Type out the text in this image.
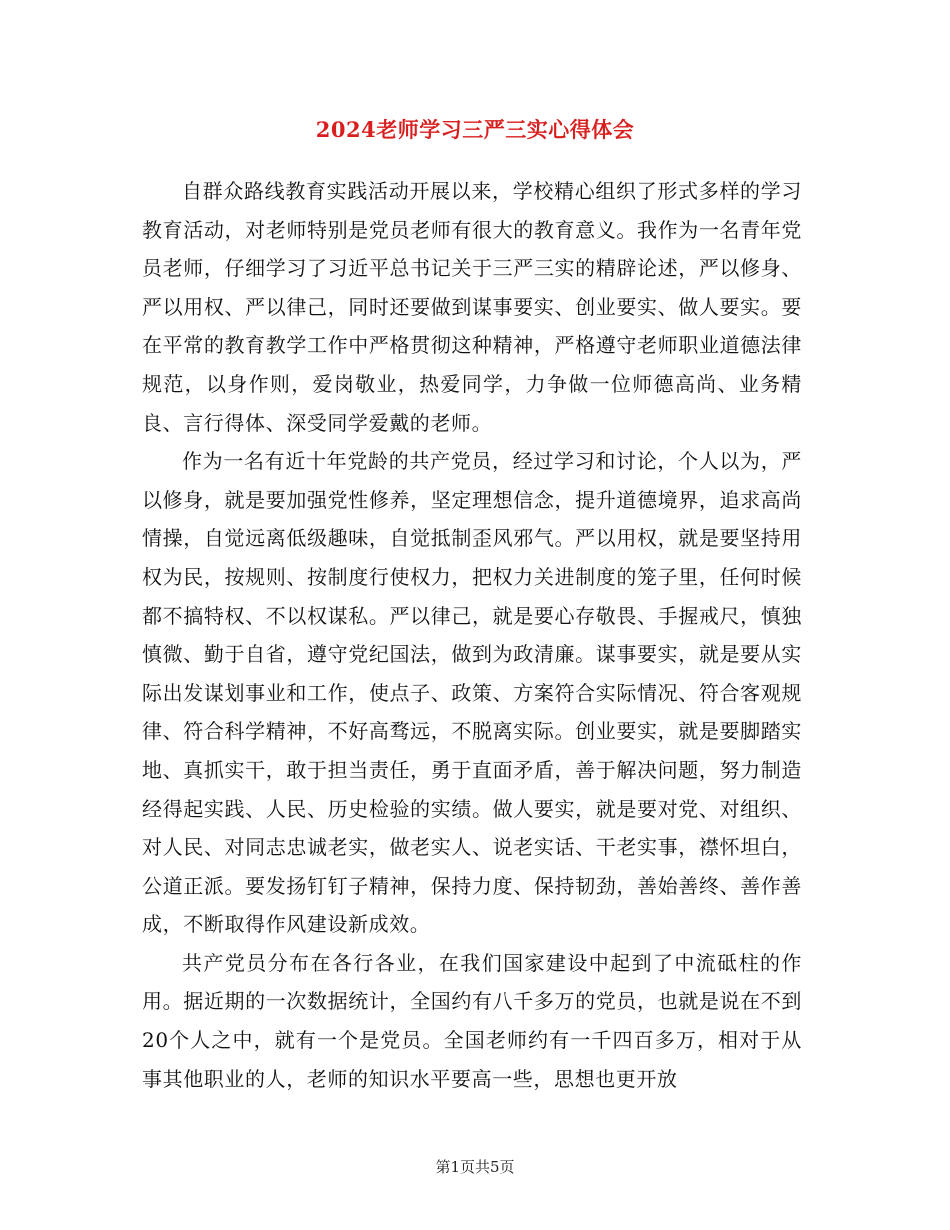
2024老师学习三严三实心得体会

自群众路线教育实践活动开展以来，学校精心组织了形式多样的学习教育活动，对老师特别是党员老师有很大的教育意义。我作为一名青年党员老师，仔细学习了习近平总书记关于三严三实的精辟论述，严以修身、严以用权、严以律己，同时还要做到谋事要实、创业要实、做人要实。要在平常的教育教学工作中严格贯彻这种精神，严格遵守老师职业道德法律规范，以身作则，爱岗敬业，热爱同学，力争做一位师德高尚、业务精良、言行得体、深受同学爱戴的老师。

作为一名有近十年党龄的共产党员，经过学习和讨论，个人以为，严以修身，就是要加强党性修养，坚定理想信念，提升道德境界，追求高尚情操，自觉远离低级趣味，自觉抵制歪风邪气。严以用权，就是要坚持用权为民，按规则、按制度行使权力，把权力关进制度的笼子里，任何时候都不搞特权、不以权谋私。严以律己，就是要心存敬畏、手握戒尺，慎独慎微、勤于自省，遵守党纪国法，做到为政清廉。谋事要实，就是要从实际出发谋划事业和工作，使点子、政策、方案符合实际情况、符合客观规律、符合科学精神，不好高骛远，不脱离实际。创业要实，就是要脚踏实地、真抓实干，敢于担当责任，勇于直面矛盾，善于解决问题，努力制造经得起实践、人民、历史检验的实绩。做人要实，就是要对党、对组织、对人民、对同志忠诚老实，做老实人、说老实话、干老实事，襟怀坦白，公道正派。要发扬钉钉子精神，保持力度、保持韧劲，善始善终、善作善成，不断取得作风建设新成效。

共产党员分布在各行各业，在我们国家建设中起到了中流砥柱的作用。据近期的一次数据统计，全国约有八千多万的党员，也就是说在不到20个人之中，就有一个是党员。全国老师约有一千四百多万，相对于从事其他职业的人，老师的知识水平要高一些，思想也更开放

第1页共5页
